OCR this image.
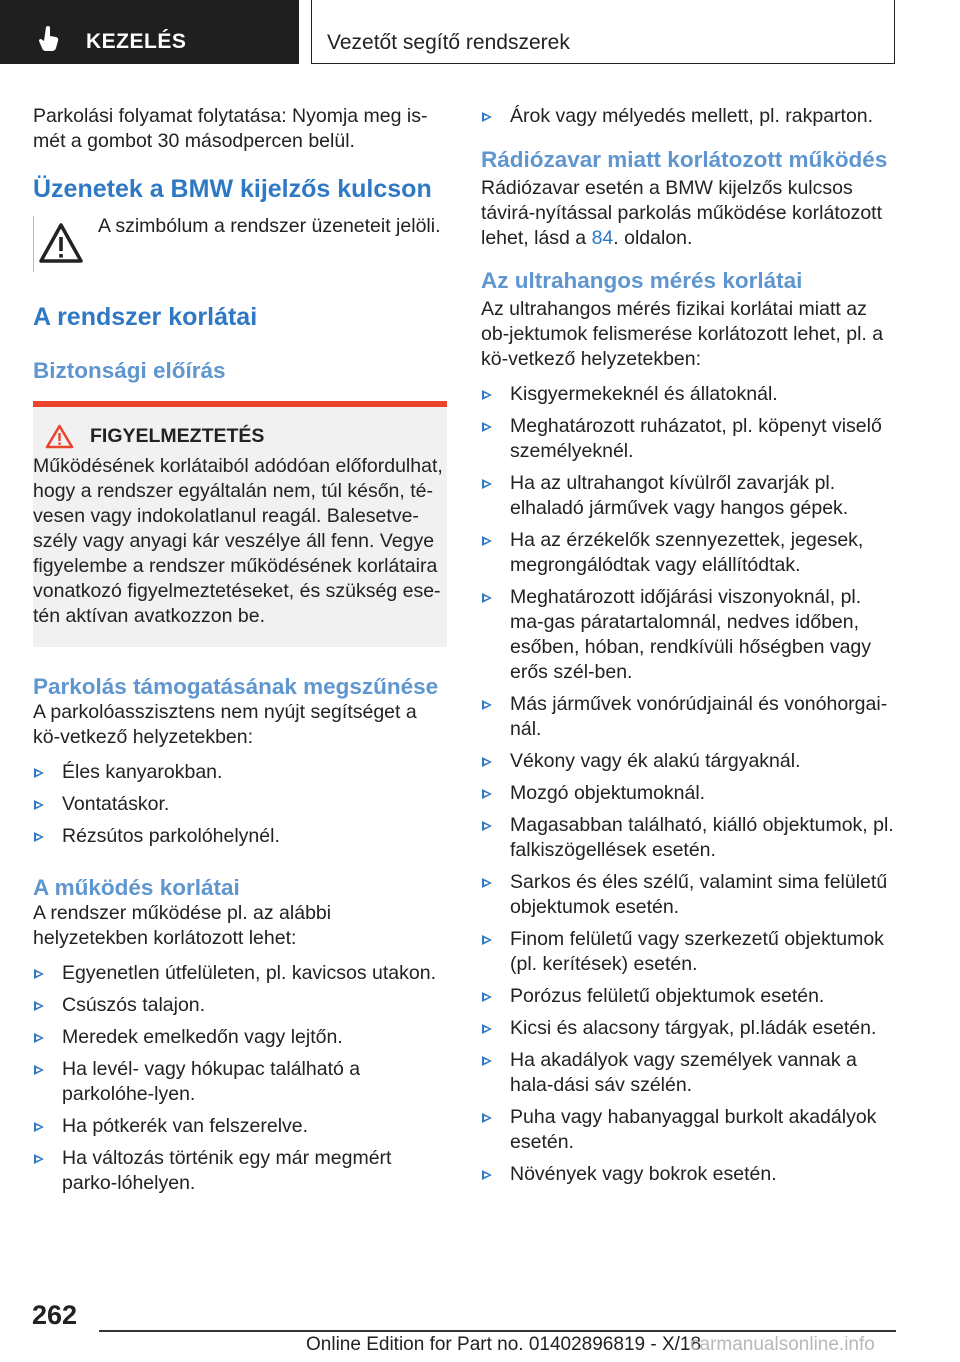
KEZELÉS	Vezetőt segítő rendszerek

Parkolási folyamat folytatása: Nyomja meg is-mét a gombot 30 másodpercen belül.

Üzenetek a BMW kijelzős kulcson

A szimbólum a rendszer üzeneteit jelöli.

A rendszer korlátai
Biztonsági előírás
FIGYELMEZTETÉS

Működésének korlátaiból adódóan előfordulhat, hogy a rendszer egyáltalán nem, túl későn, té-vesen vagy indokolatlanul reagál. Balesetve-szély vagy anyagi kár veszélye áll fenn. Vegye figyelembe a rendszer működésének korlátaira vonatkozó figyelmeztetéseket, és szükség ese-tén aktívan avatkozzon be.

Parkolás támogatásának megszűnése

A parkolóasszisztens nem nyújt segítséget a kö-vetkező helyzetekben:

Éles kanyarokban.
Vontatáskor.
Rézsútos parkolóhelynél.
A működés korlátai

A rendszer működése pl. az alábbi helyzetekben korlátozott lehet:

Egyenetlen útfelületen, pl. kavicsos utakon.
Csúszós talajon.
Meredek emelkedőn vagy lejtőn.
Ha levél- vagy hókupac található a parkolóhe-lyen.
Ha pótkerék van felszerelve.
Ha változás történik egy már megmért parko-lóhelyen.
Árok vagy mélyedés mellett, pl. rakparton.
Rádiózavar miatt korlátozott működés

Rádiózavar esetén a BMW kijelzős kulcsos távirá-nyítással parkolás működése korlátozott lehet, lásd a 84. oldalon.

Az ultrahangos mérés korlátai

Az ultrahangos mérés fizikai korlátai miatt az ob-jektumok felismerése korlátozott lehet, pl. a kö-vetkező helyzetekben:

Kisgyermekeknél és állatoknál.
Meghatározott ruházatot, pl. köpenyt viselő személyeknél.
Ha az ultrahangot kívülről zavarják pl. elhaladó járművek vagy hangos gépek.
Ha az érzékelők szennyezettek, jegesek, megrongálódtak vagy elállítódtak.
Meghatározott időjárási viszonyoknál, pl. ma-gas páratartalomnál, nedves időben, esőben, hóban, rendkívüli hőségben vagy erős szél-ben.
Más járművek vonórúdjainál és vonóhorgai-nál.
Vékony vagy ék alakú tárgyaknál.
Mozgó objektumoknál.
Magasabban található, kiálló objektumok, pl. falkiszögellések esetén.
Sarkos és éles szélű, valamint sima felületű objektumok esetén.
Finom felületű vagy szerkezetű objektumok (pl. kerítések) esetén.
Porózus felületű objektumok esetén.
Kicsi és alacsony tárgyak, pl.ládák esetén.
Ha akadályok vagy személyek vannak a hala-dási sáv szélén.
Puha vagy habanyaggal burkolt akadályok esetén.
Növények vagy bokrok esetén.
262
Online Edition for Part no. 01402896819 - X/18
carmanualsonline.info
